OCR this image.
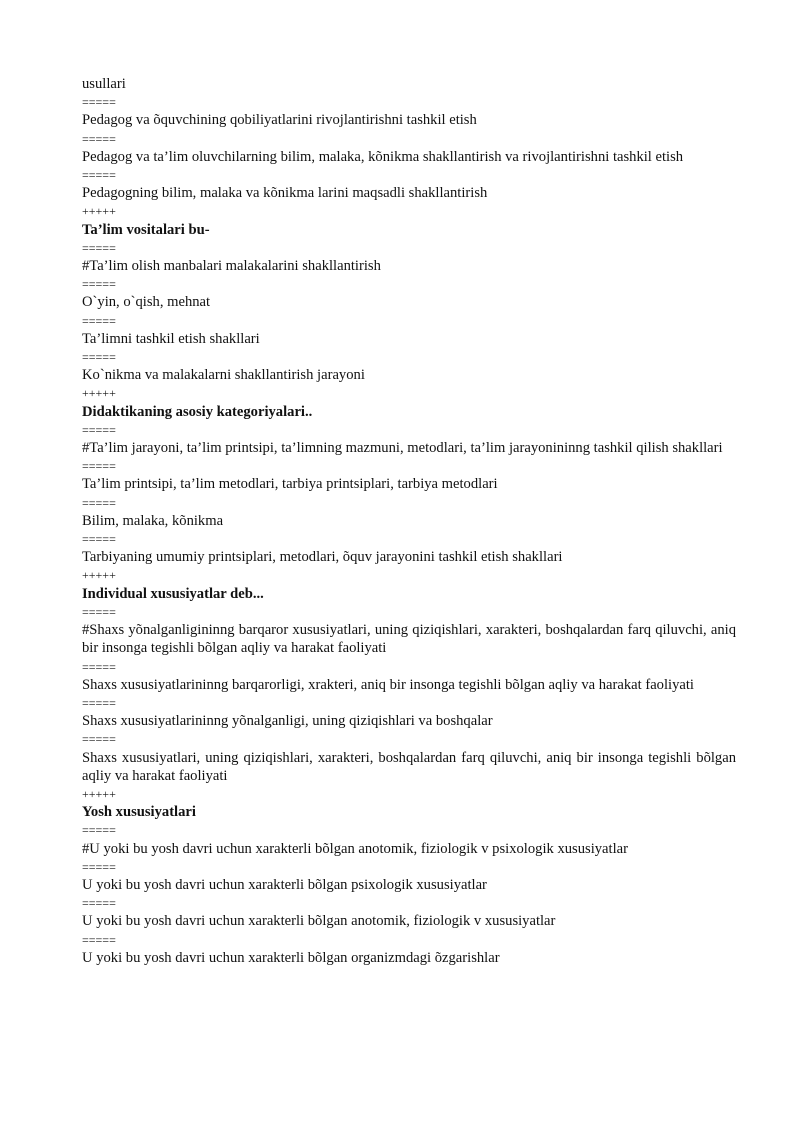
usullari
=====
Pedagog va õquvchining qobiliyatlarini rivojlantirishni tashkil etish
=====
Pedagog va ta’lim oluvchilarning bilim, malaka, kõnikma shakllantirish va rivojlantirishni tashkil etish
=====
Pedagogning bilim, malaka va kõnikma larini maqsadli shakllantirish
+++++
Ta’lim vositalari bu-
=====
#Ta’lim olish manbalari malakalarini shakllantirish
=====
O`yin, o`qish, mehnat
=====
Ta’limni tashkil etish shakllari
=====
Ko`nikma va malakalarni shakllantirish jarayoni
+++++
Didaktikaning asosiy kategoriyalari..
=====
#Ta’lim jarayoni, ta’lim printsipi, ta’limning mazmuni, metodlari, ta’lim jarayonininng tashkil qilish shakllari
=====
Ta’lim printsipi, ta’lim metodlari, tarbiya printsiplari, tarbiya metodlari
=====
Bilim, malaka, kõnikma
=====
Tarbiyaning umumiy printsiplari, metodlari, õquv jarayonini tashkil etish shakllari
+++++
Individual xususiyatlar deb...
=====
#Shaxs yõnalganligininng barqaror xususiyatlari, uning qiziqishlari, xarakteri, boshqalardan farq qiluvchi, aniq bir insonga tegishli bõlgan aqliy va harakat faoliyati
=====
Shaxs xususiyatlarininng barqarorligi, xrakteri, aniq bir insonga tegishli bõlgan aqliy va harakat faoliyati
=====
Shaxs xususiyatlarininng yõnalganligi, uning qiziqishlari va boshqalar
=====
Shaxs xususiyatlari, uning qiziqishlari, xarakteri, boshqalardan farq qiluvchi, aniq bir insonga tegishli bõlgan aqliy va harakat faoliyati
+++++
Yosh xususiyatlari
=====
#U yoki bu yosh davri uchun xarakterli bõlgan anotomik, fiziologik v psixologik xususiyatlar
=====
U yoki bu yosh davri uchun xarakterli bõlgan psixologik xususiyatlar
=====
U yoki bu yosh davri uchun xarakterli bõlgan anotomik, fiziologik v xususiyatlar
=====
U yoki bu yosh davri uchun xarakterli bõlgan organizmdagi õzgarishlar
